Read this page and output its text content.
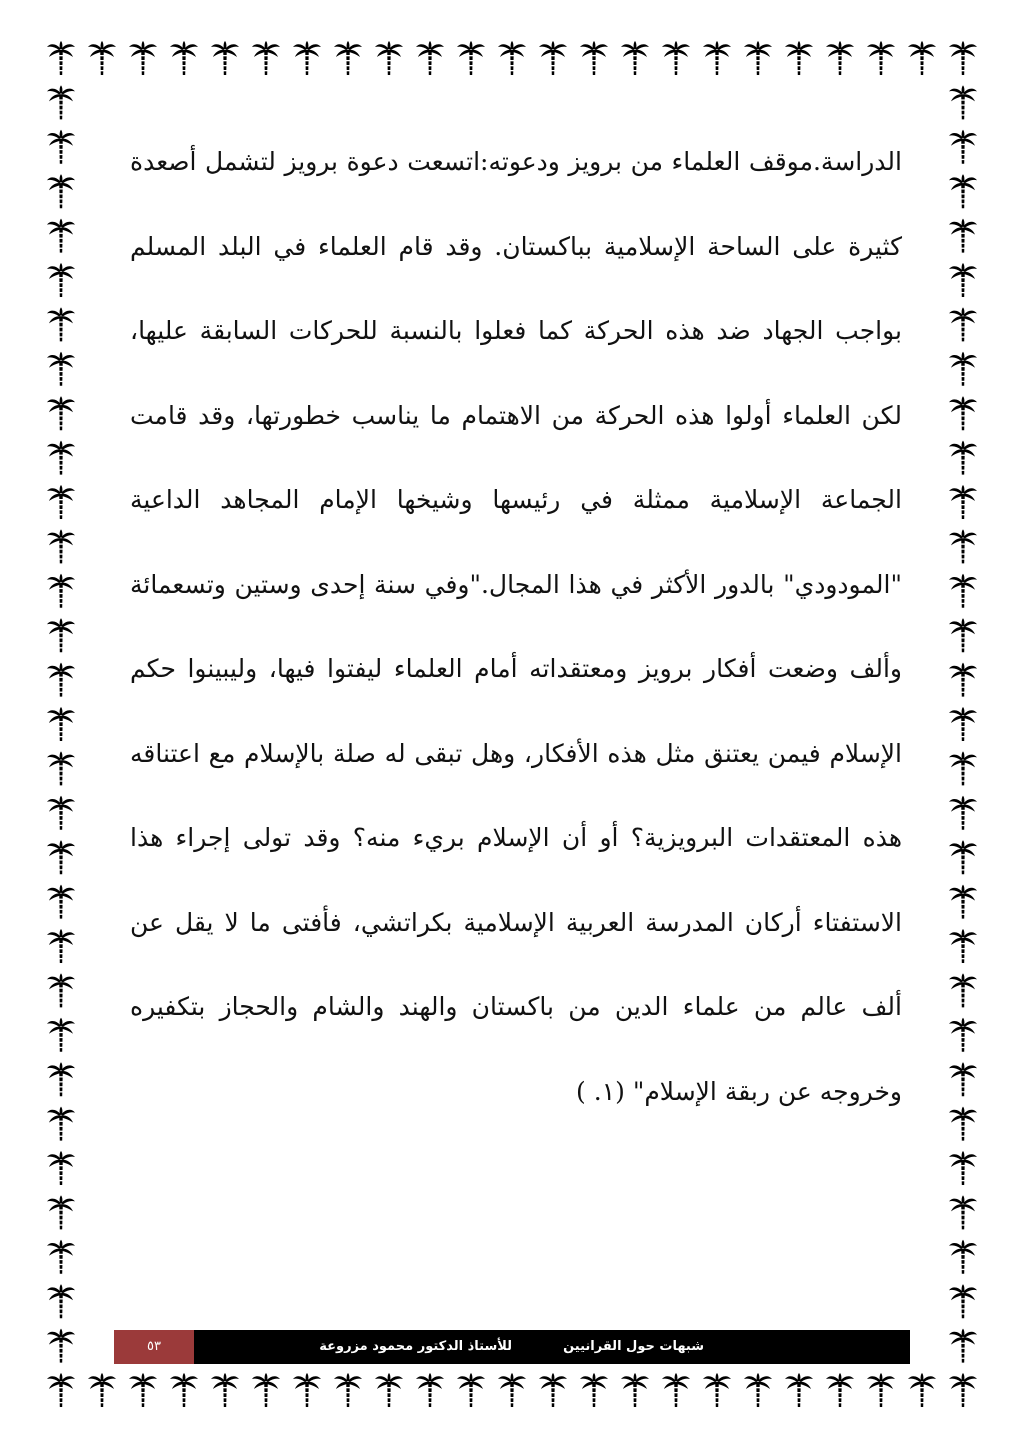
الدراسة.موقف العلماء من برويز ودعوته:اتسعت دعوة برويز لتشمل أصعدة كثيرة على الساحة الإسلامية بباكستان. وقد قام العلماء في البلد المسلم بواجب الجهاد ضد هذه الحركة كما فعلوا بالنسبة للحركات السابقة عليها، لكن العلماء أولوا هذه الحركة من الاهتمام ما يناسب خطورتها، وقد قامت الجماعة الإسلامية ممثلة في رئيسها وشيخها الإمام المجاهد الداعية "المودودي" بالدور الأكثر في هذا المجال."وفي سنة إحدى وستين وتسعمائة وألف وضعت أفكار برويز ومعتقداته أمام العلماء ليفتوا فيها، وليبينوا حكم الإسلام فيمن يعتنق مثل هذه الأفكار، وهل تبقى له صلة بالإسلام مع اعتناقه هذه المعتقدات البرويزية؟ أو أن الإسلام بريء منه؟ وقد تولى إجراء هذا الاستفتاء أركان المدرسة العربية الإسلامية بكراتشي، فأفتى ما لا يقل عن ألف عالم من علماء الدين من باكستان والهند والشام والحجاز بتكفيره وخروجه عن ربقة الإسلام" (١. )

شبهات حول القرانيين
للأستاذ الدكتور محمود مزروعة
٥٣
